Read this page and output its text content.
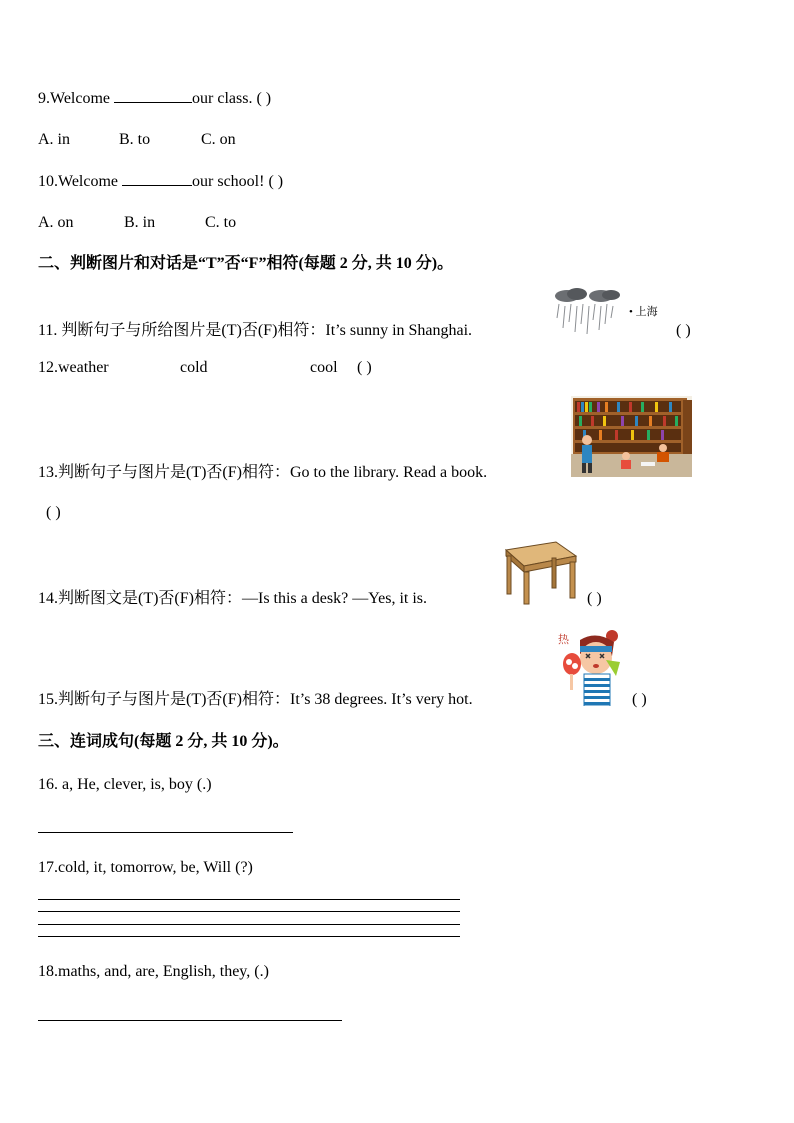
9.Welcome	our class. ( )
A. in	B. to	C. on
10.Welcome	our school! ( )
A. on	B. in	C. to
二、判断图片和对话是“T”否“F”相符(每题 2 分, 共 10 分)。
11. 判断句子与所给图片是(T)否(F)相符：It’s sunny in Shanghai.
• 上海
( )
12.weather	cold	cool ( )
13.判断句子与图片是(T)否(F)相符：Go to the library. Read a book.
( )
14.判断图文是(T)否(F)相符：—Is this a desk? —Yes, it is.	( )
热
15.判断句子与图片是(T)否(F)相符：It’s 38 degrees. It’s very hot.	( )
三、连词成句(每题 2 分, 共 10 分)。
16. a, He, clever, is, boy (.)
17.cold, it, tomorrow, be, Will (?)
18.maths, and, are, English, they, (.)
